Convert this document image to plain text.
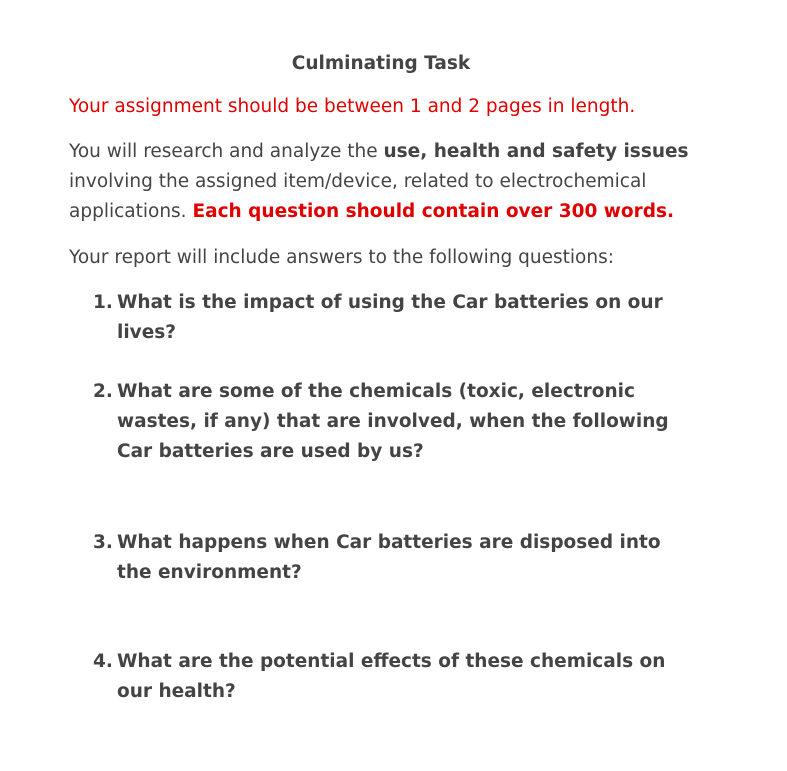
Culminating Task

Your assignment should be between 1 and 2 pages in length.

You will research and analyze the use, health and safety issues involving the assigned item/device, related to electrochemical applications. Each question should contain over 300 words.

Your report will include answers to the following questions:

1. What is the impact of using the Car batteries on our lives?
2. What are some of the chemicals (toxic, electronic wastes, if any) that are involved, when the following Car batteries are used by us?
3. What happens when Car batteries are disposed into the environment?
4. What are the potential effects of these chemicals on our health?
